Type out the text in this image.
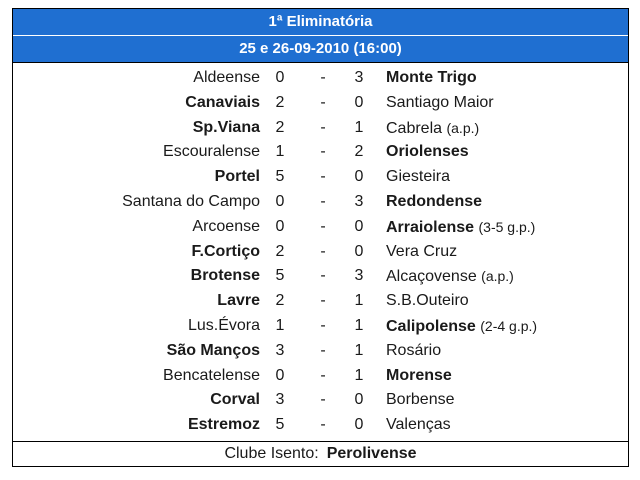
1ª Eliminatória
25 e 26-09-2010 (16:00)
Aldeense 0	-	3	Monte Trigo
Canaviais 2	-	0	Santiago Maior
Sp.Viana 2	-	1	Cabrela (a.p.)
Escouralense 1	-	2	Oriolenses
Portel 5	-	0	Giesteira
Santana do Campo 0	-	3	Redondense
Arcoense 0	-	0	Arraiolense (3-5 g.p.)
F.Cortiço 2	-	0	Vera Cruz
Brotense 5	-	3	Alcaçovense (a.p.)
Lavre 2	-	1	S.B.Outeiro
Lus.Évora 1	-	1	Calipolense (2-4 g.p.)
São Manços 3	-	1	Rosário
Bencatelense 0	-	1	Morense
Corval 3	-	0	Borbense
Estremoz 5	-	0	Valenças
Clube Isento: Perolivense
